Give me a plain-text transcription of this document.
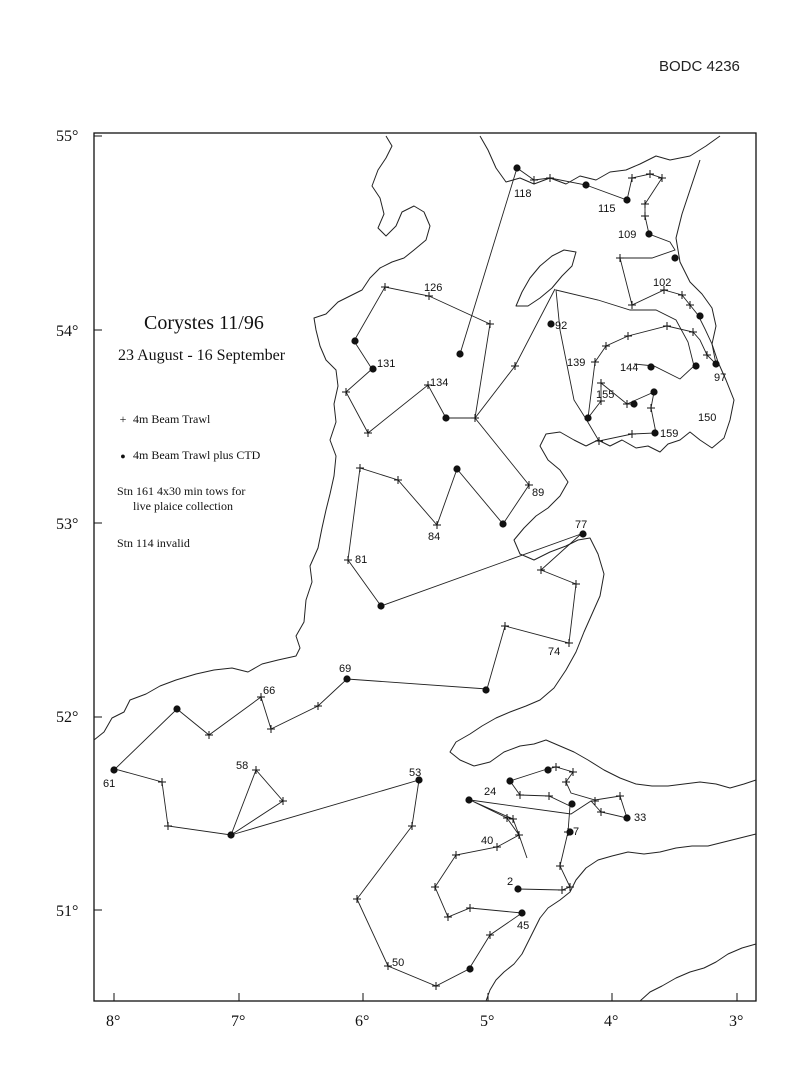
BODC 4236
55°
54°
53°
52°
51°
8°	7°	6°	5°	4°	3°
118
115
109
102
126
92
131	139	144
97
134
155
150
159
89
84
77
81
74
69
66
61
58
53
24
33
7
40
2
45
50
Corystes 11/96
23 August - 16 September

+ 4m Beam Trawl

● 4m Beam Trawl plus CTD

Stn 161 4x30 min tows for
live plaice collection

Stn 114 invalid
